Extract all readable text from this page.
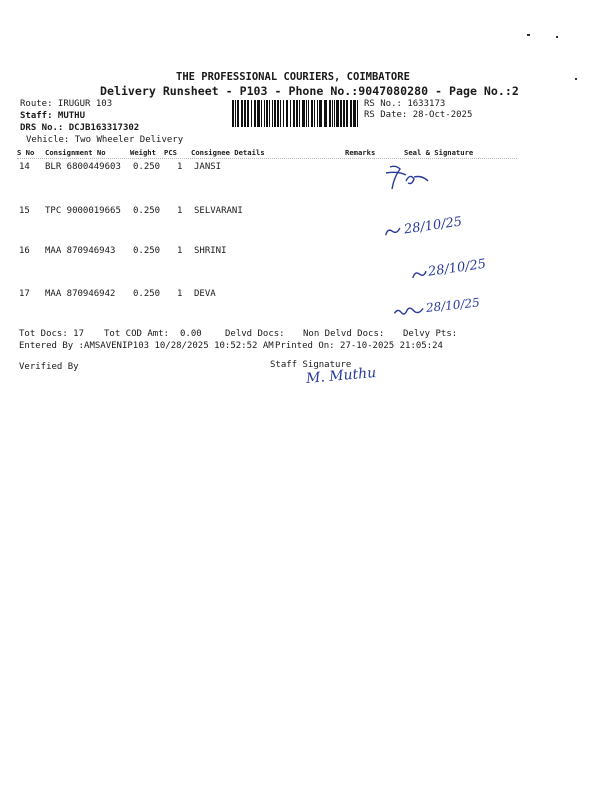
THE PROFESSIONAL COURIERS, COIMBATORE
Delivery Runsheet - P103 - Phone No.:9047080280 - Page No.:2
Route: IRUGUR 103
Staff: MUTHU
DRS No.: DCJB163317302
Vehicle: Two Wheeler Delivery
RS No.: 1633173
RS Date: 28-Oct-2025
S No Consignment No	Weight PCS Consignee Details	Remarks	Seal & Signature
14 BLR 6800449603 0.250 1 JANSI
15 TPC 9000019665 0.250 1 SELVARANI
16 MAA 870946943 0.250 1 SHRINI
17 MAA 870946942 0.250 1 DEVA
28/10/25
28/10/25
28/10/25
Tot Docs: 17 Tot COD Amt: 0.00	Delvd Docs: Non Delvd Docs: Delvy Pts:
Entered By :AMSAVENIP103 10/28/2025 10:52:52 AM Printed On: 27-10-2025 21:05:24
Verified By	Staff Signature
M. Muthu
